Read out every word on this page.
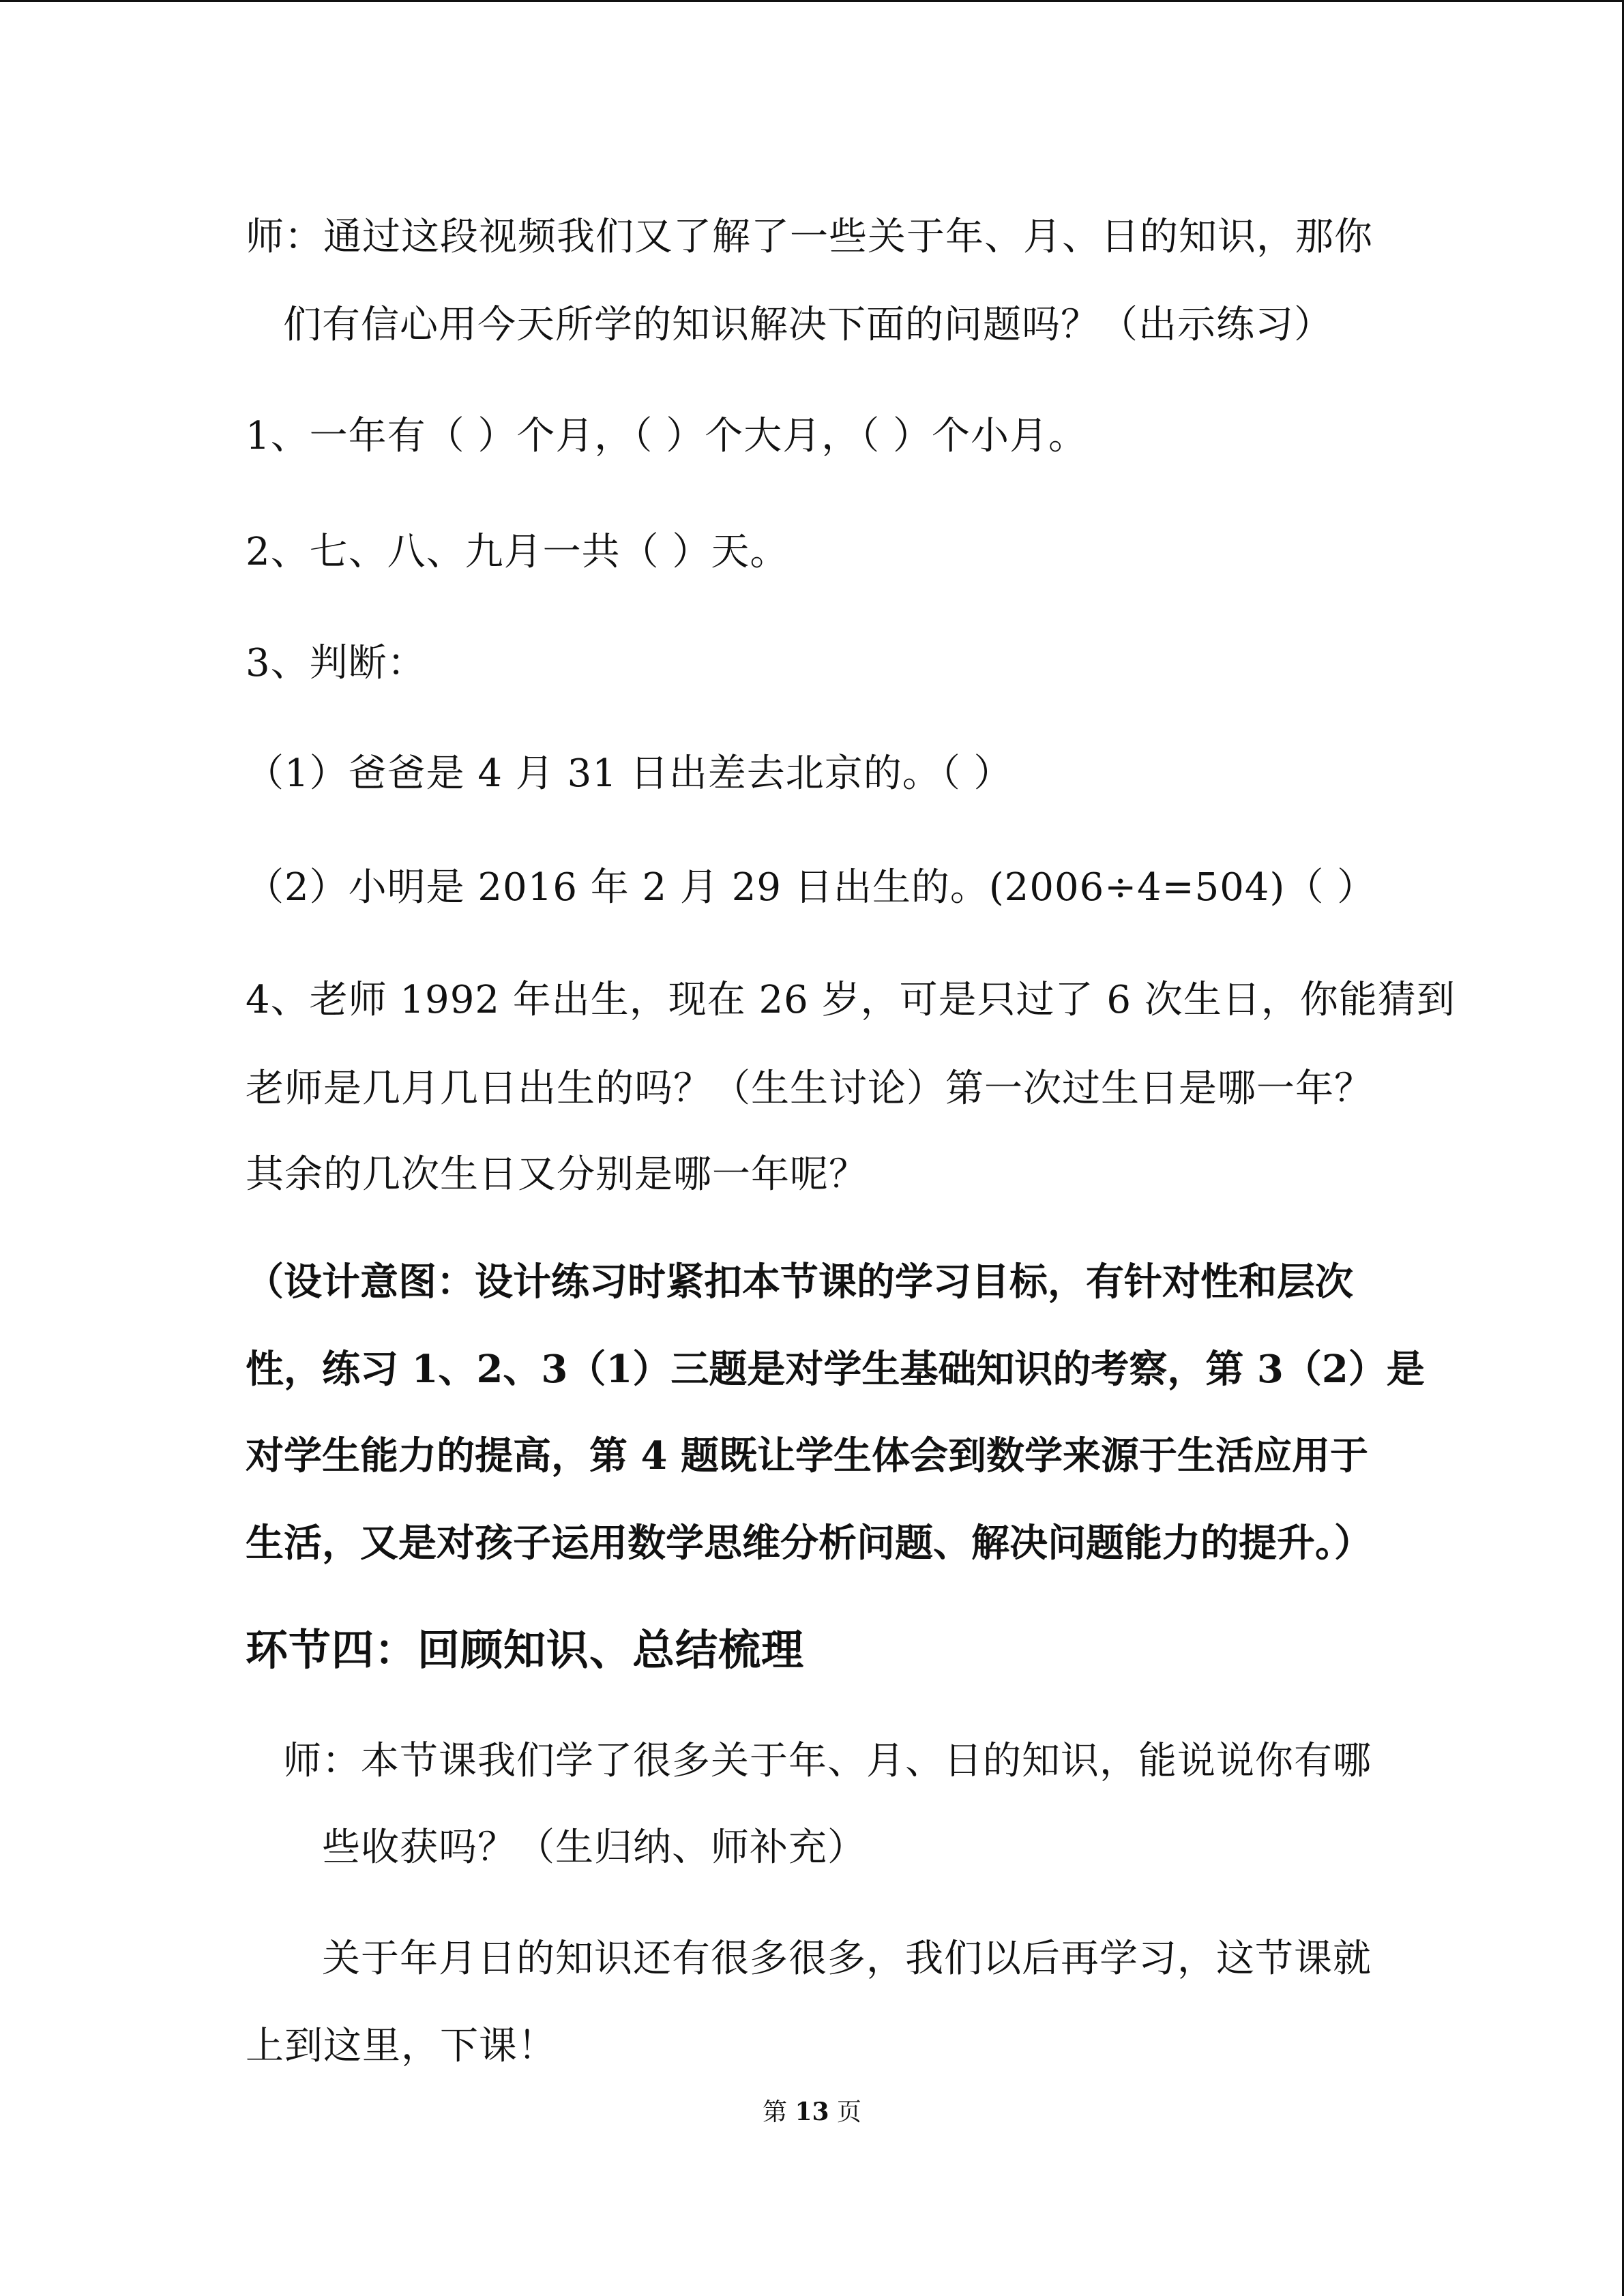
师：通过这段视频我们又了解了一些关于年、月、日的知识，那你
们有信心用今天所学的知识解决下面的问题吗？（出示练习）
1、一年有（ ）个月，（ ）个大月，（ ）个小月。
2、七、八、九月一共（ ）天。
3、判断：
（1）爸爸是 4 月 31 日出差去北京的。（ ）
（2）小明是 2016 年 2 月 29 日出生的。(2006÷4=504)（ ）
4、老师 1992 年出生，现在 26 岁，可是只过了 6 次生日，你能猜到
老师是几月几日出生的吗？（生生讨论）第一次过生日是哪一年？
其余的几次生日又分别是哪一年呢？
（设计意图：设计练习时紧扣本节课的学习目标，有针对性和层次
性，练习 1、2、3（1）三题是对学生基础知识的考察，第 3（2）是
对学生能力的提高，第 4 题既让学生体会到数学来源于生活应用于
生活，又是对孩子运用数学思维分析问题、解决问题能力的提升。）
环节四：回顾知识、总结梳理
师：本节课我们学了很多关于年、月、日的知识，能说说你有哪
些收获吗？（生归纳、师补充）
关于年月日的知识还有很多很多，我们以后再学习，这节课就
上到这里，下课！
第 13 页
